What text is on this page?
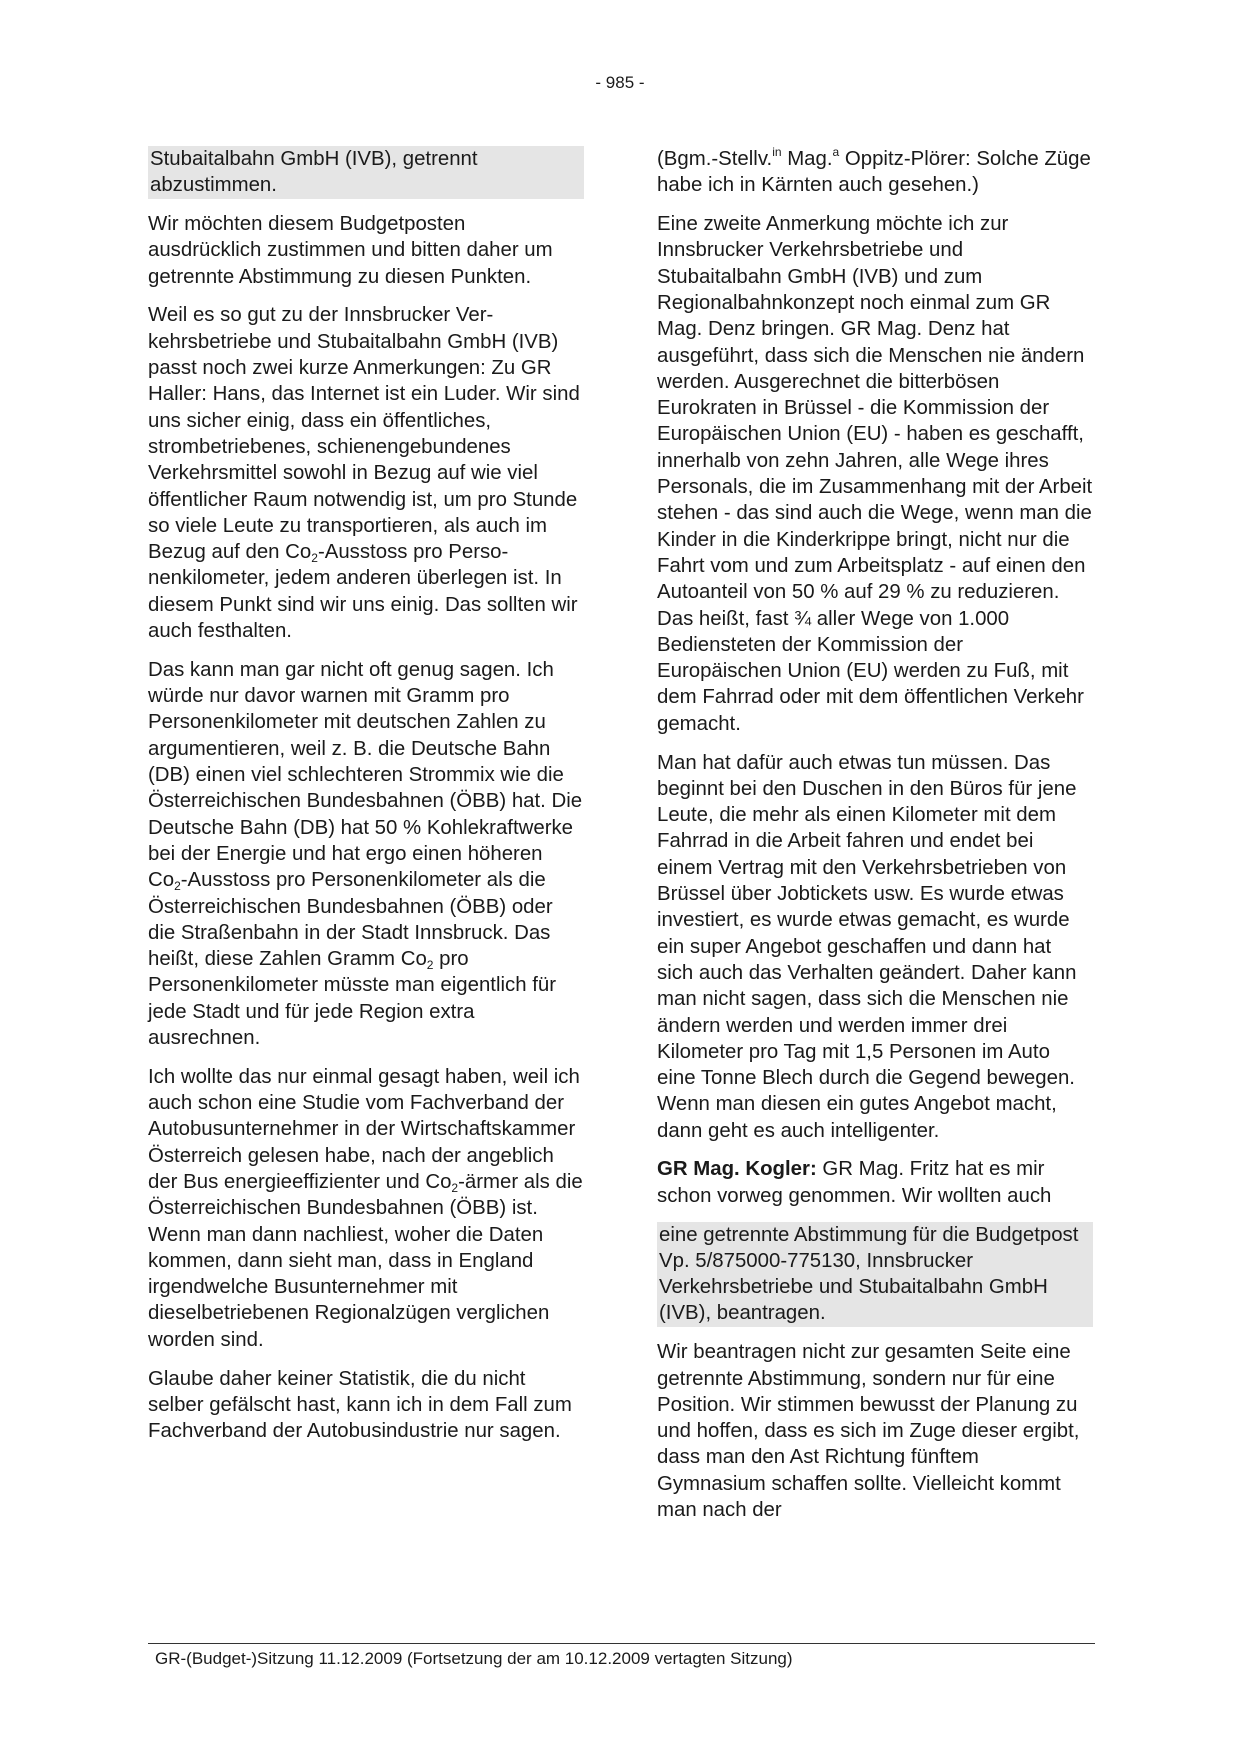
- 985 -

Stubaitalbahn GmbH (IVB), getrennt abzustimmen.

Wir möchten diesem Budgetposten ausdrücklich zustimmen und bitten daher um getrennte Abstimmung zu diesen Punkten.

Weil es so gut zu der Innsbrucker Verkehrsbetriebe und Stubaitalbahn GmbH (IVB) passt noch zwei kurze Anmerkungen: Zu GR Haller: Hans, das Internet ist ein Luder. Wir sind uns sicher einig, dass ein öffentliches, strombetriebenes, schienengebundenes Verkehrsmittel sowohl in Bezug auf wie viel öffentlicher Raum notwendig ist, um pro Stunde so viele Leute zu transportieren, als auch im Bezug auf den $Co_2$-Ausstoss pro Personenkilometer, jedem anderen überlegen ist. In diesem Punkt sind wir uns einig. Das sollten wir auch festhalten.

Das kann man gar nicht oft genug sagen. Ich würde nur davor warnen mit Gramm pro Personenkilometer mit deutschen Zahlen zu argumentieren, weil z. B. die Deutsche Bahn (DB) einen viel schlechteren Strommix wie die Österreichischen Bundesbahnen (ÖBB) hat. Die Deutsche Bahn (DB) hat 50 % Kohlekraftwerke bei der Energie und hat ergo einen höheren $Co_2$-Ausstoss pro Personenkilometer als die Österreichischen Bundesbahnen (ÖBB) oder die Straßenbahn in der Stadt Innsbruck. Das heißt, diese Zahlen Gramm $Co_2$ pro Personenkilometer müsste man eigentlich für jede Stadt und für jede Region extra ausrechnen.

Ich wollte das nur einmal gesagt haben, weil ich auch schon eine Studie vom Fachverband der Autobusunternehmer in der Wirtschaftskammer Österreich gelesen habe, nach der angeblich der Bus energieeffizienter und $Co_2$-ärmer als die Österreichischen Bundesbahnen (ÖBB) ist. Wenn man dann nachliest, woher die Daten kommen, dann sieht man, dass in England irgendwelche Busunternehmer mit dieselbetriebenen Regionalzügen verglichen worden sind.

Glaube daher keiner Statistik, die du nicht selber gefälscht hast, kann ich in dem Fall zum Fachverband der Autobusindustrie nur sagen.

(Bgm.-Stellv.$^{in}$ Mag.$^a$ Oppitz-Plörer: Solche Züge habe ich in Kärnten auch gesehen.)

Eine zweite Anmerkung möchte ich zur Innsbrucker Verkehrsbetriebe und Stubaitalbahn GmbH (IVB) und zum Regionalbahnkonzept noch einmal zum GR Mag. Denz bringen. GR Mag. Denz hat ausgeführt, dass sich die Menschen nie ändern werden. Ausgerechnet die bitterbösen Eurokraten in Brüssel - die Kommission der Europäischen Union (EU) - haben es geschafft, innerhalb von zehn Jahren, alle Wege ihres Personals, die im Zusammenhang mit der Arbeit stehen - das sind auch die Wege, wenn man die Kinder in die Kinderkrippe bringt, nicht nur die Fahrt vom und zum Arbeitsplatz - auf einen den Autoanteil von 50 % auf 29 % zu reduzieren. Das heißt, fast ¾ aller Wege von 1.000 Bediensteten der Kommission der Europäischen Union (EU) werden zu Fuß, mit dem Fahrrad oder mit dem öffentlichen Verkehr gemacht.

Man hat dafür auch etwas tun müssen. Das beginnt bei den Duschen in den Büros für jene Leute, die mehr als einen Kilometer mit dem Fahrrad in die Arbeit fahren und endet bei einem Vertrag mit den Verkehrsbetrieben von Brüssel über Jobtickets usw. Es wurde etwas investiert, es wurde etwas gemacht, es wurde ein super Angebot geschaffen und dann hat sich auch das Verhalten geändert. Daher kann man nicht sagen, dass sich die Menschen nie ändern werden und werden immer drei Kilometer pro Tag mit 1,5 Personen im Auto eine Tonne Blech durch die Gegend bewegen. Wenn man diesen ein gutes Angebot macht, dann geht es auch intelligenter.

GR Mag. Kogler: GR Mag. Fritz hat es mir schon vorweg genommen. Wir wollten auch

eine getrennte Abstimmung für die Budgetpost Vp. 5/875000-775130, Innsbrucker Verkehrsbetriebe und Stubaitalbahn GmbH (IVB), beantragen.

Wir beantragen nicht zur gesamten Seite eine getrennte Abstimmung, sondern nur für eine Position. Wir stimmen bewusst der Planung zu und hoffen, dass es sich im Zuge dieser ergibt, dass man den Ast Richtung fünftem Gymnasium schaffen sollte. Vielleicht kommt man nach der

GR-(Budget-)Sitzung 11.12.2009 (Fortsetzung der am 10.12.2009 vertagten Sitzung)
